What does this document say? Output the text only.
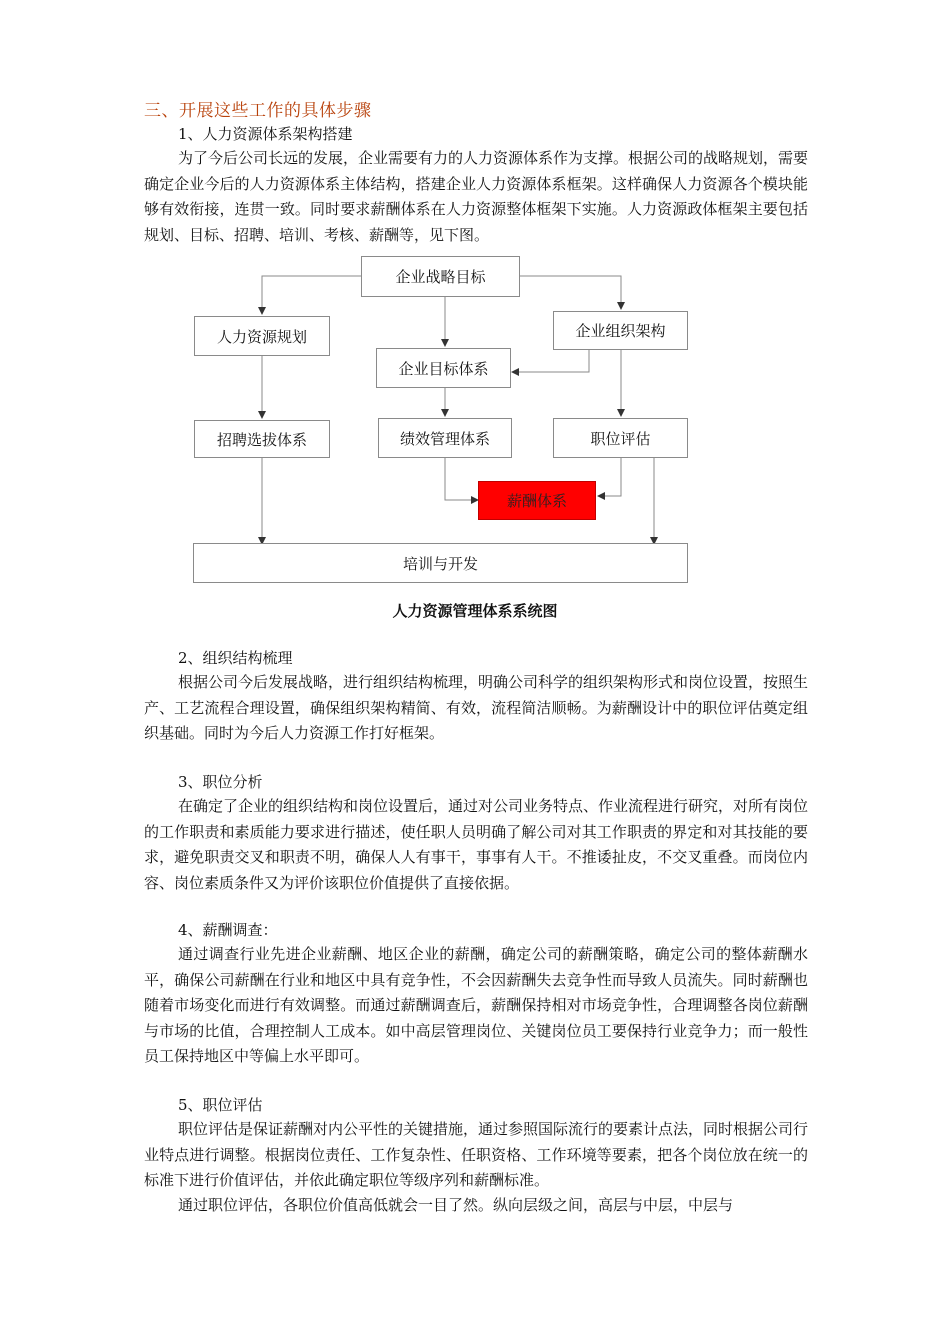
三、开展这些工作的具体步骤
1、人力资源体系架构搭建
为了今后公司长远的发展，企业需要有力的人力资源体系作为支撑。根据公司的战略规划，需要确定企业今后的人力资源体系主体结构，搭建企业人力资源体系框架。这样确保人力资源各个模块能够有效衔接，连贯一致。同时要求薪酬体系在人力资源整体框架下实施。人力资源政体框架主要包括规划、目标、招聘、培训、考核、薪酬等，见下图。
企业战略目标
人力资源规划	企业组织架构
企业目标体系
招聘选拔体系	绩效管理体系	职位评估
薪酬体系
培训与开发
人力资源管理体系系统图
2、组织结构梳理
根据公司今后发展战略，进行组织结构梳理，明确公司科学的组织架构形式和岗位设置，按照生产、工艺流程合理设置，确保组织架构精简、有效，流程简洁顺畅。为薪酬设计中的职位评估奠定组织基础。同时为今后人力资源工作打好框架。
3、职位分析
在确定了企业的组织结构和岗位设置后，通过对公司业务特点、作业流程进行研究，对所有岗位的工作职责和素质能力要求进行描述，使任职人员明确了解公司对其工作职责的界定和对其技能的要求，避免职责交叉和职责不明，确保人人有事干，事事有人干。不推诿扯皮，不交叉重叠。而岗位内容、岗位素质条件又为评价该职位价值提供了直接依据。
4、薪酬调查：
通过调查行业先进企业薪酬、地区企业的薪酬，确定公司的薪酬策略，确定公司的整体薪酬水平，确保公司薪酬在行业和地区中具有竞争性，不会因薪酬失去竞争性而导致人员流失。同时薪酬也随着市场变化而进行有效调整。而通过薪酬调查后，薪酬保持相对市场竞争性，合理调整各岗位薪酬与市场的比值，合理控制人工成本。如中高层管理岗位、关键岗位员工要保持行业竞争力；而一般性员工保持地区中等偏上水平即可。
5、职位评估
职位评估是保证薪酬对内公平性的关键措施，通过参照国际流行的要素计点法，同时根据公司行业特点进行调整。根据岗位责任、工作复杂性、任职资格、工作环境等要素，把各个岗位放在统一的标准下进行价值评估，并依此确定职位等级序列和薪酬标准。
通过职位评估，各职位价值高低就会一目了然。纵向层级之间，高层与中层，中层与
